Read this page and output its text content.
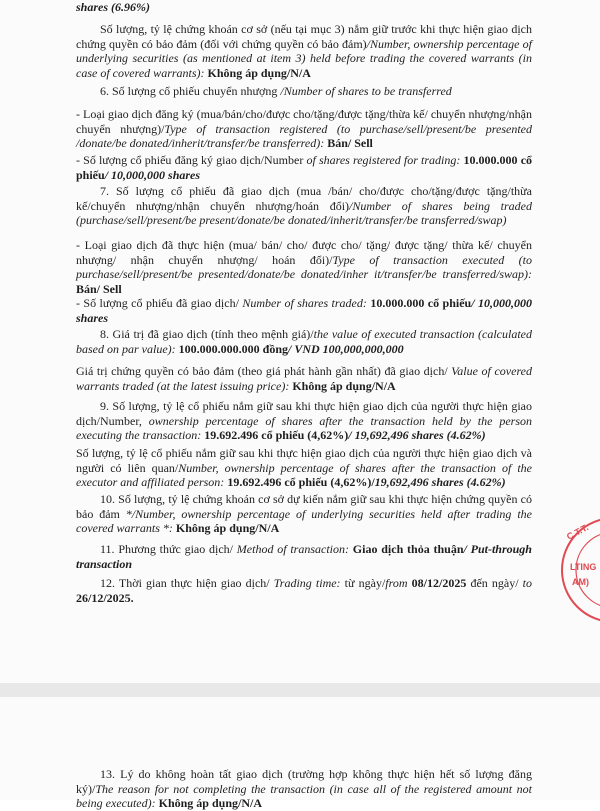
shares (6.96%)
Số lượng, tỷ lệ chứng khoán cơ sở (nếu tại mục 3) nắm giữ trước khi thực hiện giao dịch chứng quyền có bảo đảm (đối với chứng quyền có bảo đảm)/Number, ownership percentage of underlying securities (as mentioned at item 3) held before trading the covered warrants (in case of covered warrants): Không áp dụng/N/A
6. Số lượng cổ phiếu chuyển nhượng /Number of shares to be transferred
- Loại giao dịch đăng ký (mua/bán/cho/được cho/tặng/được tặng/thừa kế/ chuyển nhượng/nhận chuyển nhượng)/Type of transaction registered (to purchase/sell/present/be presented /donate/be donated/inherit/transfer/be transferred): Bán/ Sell
- Số lượng cổ phiếu đăng ký giao dịch/Number of shares registered for trading: 10.000.000 cổ phiếu/ 10,000,000 shares
7. Số lượng cổ phiếu đã giao dịch (mua /bán/ cho/được cho/tặng/được tặng/thừa kế/chuyển nhượng/nhận chuyển nhượng/hoán đổi)/Number of shares being traded (purchase/sell/present/be present/donate/be donated/inherit/transfer/be transferred/swap)
- Loại giao dịch đã thực hiện (mua/ bán/ cho/ được cho/ tặng/ được tặng/ thừa kế/ chuyển nhượng/ nhận chuyển nhượng/ hoán đổi)/Type of transaction executed (to purchase/sell/present/be presented/donate/be donated/inher it/transfer/be transferred/swap): Bán/ Sell
- Số lượng cổ phiếu đã giao dịch/ Number of shares traded: 10.000.000 cổ phiếu/ 10,000,000 shares
8. Giá trị đã giao dịch (tính theo mệnh giá)/the value of executed transaction (calculated based on par value): 100.000.000.000 đồng/ VND 100,000,000,000
Giá trị chứng quyền có bảo đảm (theo giá phát hành gần nhất) đã giao dịch/ Value of covered warrants traded (at the latest issuing price): Không áp dụng/N/A
9. Số lượng, tỷ lệ cổ phiếu nắm giữ sau khi thực hiện giao dịch của người thực hiện giao dịch/Number, ownership percentage of shares after the transaction held by the person executing the transaction: 19.692.496 cổ phiếu (4,62%)/ 19,692,496 shares (4.62%)
Số lượng, tỷ lệ cổ phiếu nắm giữ sau khi thực hiện giao dịch của người thực hiện giao dịch và người có liên quan/Number, ownership percentage of shares after the transaction of the executor and affiliated person: 19.692.496 cổ phiếu (4,62%)/19,692,496 shares (4.62%)
10. Số lượng, tỷ lệ chứng khoán cơ sở dự kiến nắm giữ sau khi thực hiện chứng quyền có bảo đảm */Number, ownership percentage of underlying securities held after trading the covered warrants *: Không áp dụng/N/A
11. Phương thức giao dịch/ Method of transaction: Giao dịch thỏa thuận/ Put-through transaction
12. Thời gian thực hiện giao dịch/ Trading time: từ ngày/from 08/12/2025 đến ngày/ to 26/12/2025.
C.T.T.
LTING
AM)
13. Lý do không hoàn tất giao dịch (trường hợp không thực hiện hết số lượng đăng ký)/The reason for not completing the transaction (in case all of the registered amount not being executed): Không áp dụng/N/A
